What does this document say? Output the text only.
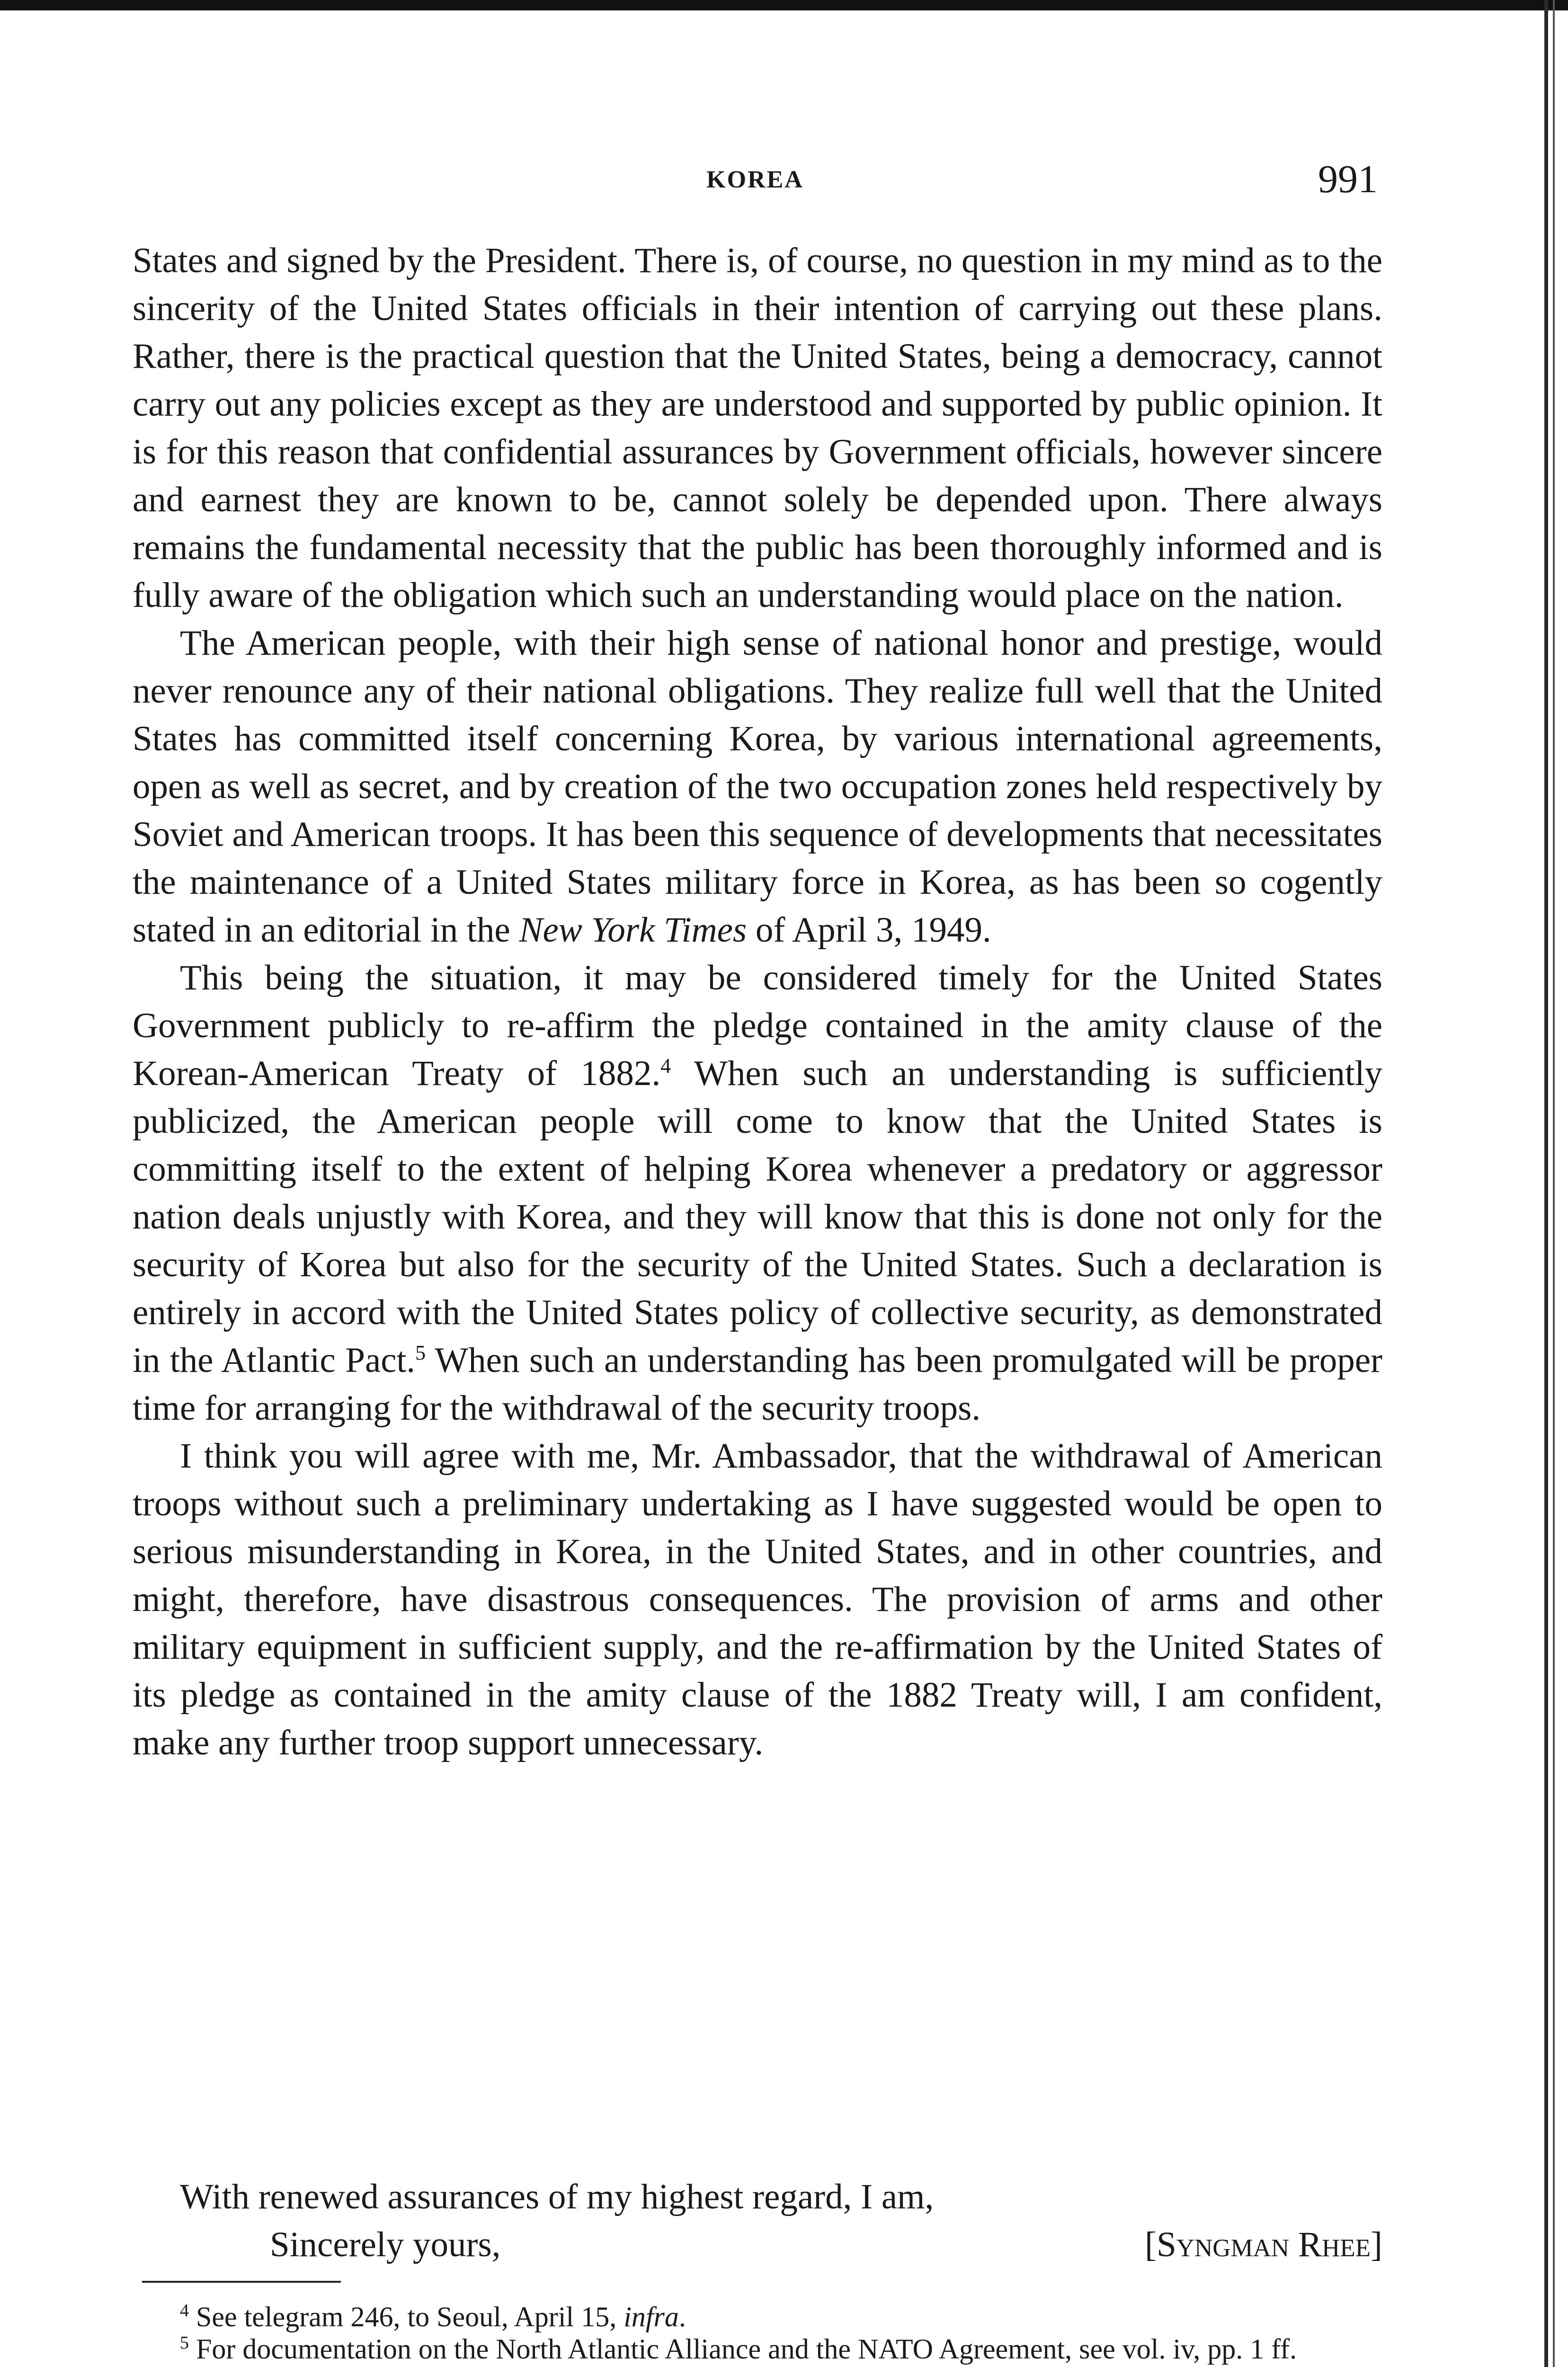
KOREA	991

States and signed by the President. There is, of course, no question in my mind as to the sincerity of the United States officials in their intention of carrying out these plans. Rather, there is the practical question that the United States, being a democracy, cannot carry out any policies except as they are understood and supported by public opinion. It is for this reason that confidential assurances by Government officials, however sincere and earnest they are known to be, cannot solely be depended upon. There always remains the fundamental necessity that the public has been thoroughly informed and is fully aware of the obligation which such an understanding would place on the nation.

The American people, with their high sense of national honor and prestige, would never renounce any of their national obligations. They realize full well that the United States has committed itself concerning Korea, by various international agreements, open as well as secret, and by creation of the two occupation zones held respectively by Soviet and American troops. It has been this sequence of developments that necessitates the maintenance of a United States military force in Korea, as has been so cogently stated in an editorial in the New York Times of April 3, 1949.

This being the situation, it may be considered timely for the United States Government publicly to re-affirm the pledge contained in the amity clause of the Korean-American Treaty of 1882.$^4$ When such an understanding is sufficiently publicized, the American people will come to know that the United States is committing itself to the extent of helping Korea whenever a predatory or aggressor nation deals unjustly with Korea, and they will know that this is done not only for the security of Korea but also for the security of the United States. Such a declaration is entirely in accord with the United States policy of collective security, as demonstrated in the Atlantic Pact.$^5$ When such an understanding has been promulgated will be proper time for arranging for the withdrawal of the security troops.

I think you will agree with me, Mr. Ambassador, that the withdrawal of American troops without such a preliminary undertaking as I have suggested would be open to serious misunderstanding in Korea, in the United States, and in other countries, and might, therefore, have disastrous consequences. The provision of arms and other military equipment in sufficient supply, and the re-affirmation by the United States of its pledge as contained in the amity clause of the 1882 Treaty will, I am confident, make any further troop support unnecessary.

With renewed assurances of my highest regard, I am,
Sincerely yours,	[Syngman Rhee]

$^4$ See telegram 246, to Seoul, April 15, infra.

$^5$ For documentation on the North Atlantic Alliance and the NATO Agreement, see vol. iv, pp. 1 ff.
